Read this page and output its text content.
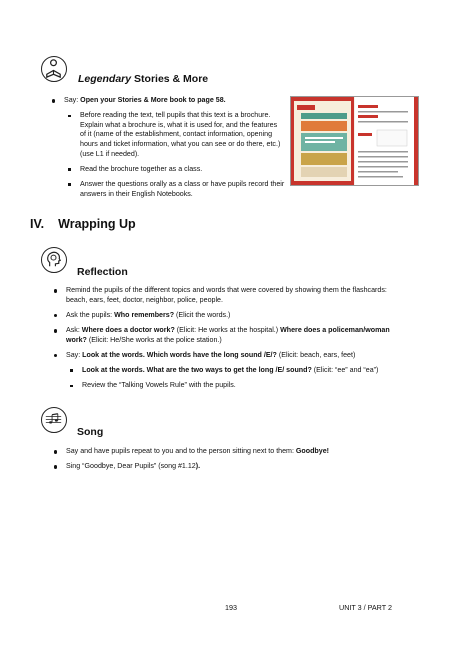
Legendary Stories & More
Say: Open your Stories & More book to page 58.
Before reading the text, tell pupils that this text is a brochure. Explain what a brochure is, what it is used for, and the features of it (name of the establishment, contact information, opening hours and ticket information, what you can see or do there, etc.) (use L1 if needed).
Read the brochure together as a class.
Answer the questions orally as a class or have pupils record their answers in their English Notebooks.
IV. Wrapping Up
Reflection
Remind the pupils of the different topics and words that were covered by showing them the flashcards: beach, ears, feet, doctor, neighbor, police, people.
Ask the pupils: Who remembers? (Elicit the words.)
Ask: Where does a doctor work? (Elicit: He works at the hospital.) Where does a policeman/woman work? (Elicit: He/She works at the police station.)
Say: Look at the words. Which words have the long sound /E/? (Elicit: beach, ears, feet)
Look at the words. What are the two ways to get the long /E/ sound? (Elicit: “ee” and “ea”)
Review the “Talking Vowels Rule” with the pupils.
Song
Say and have pupils repeat to you and to the person sitting next to them: Goodbye!
Sing “Goodbye, Dear Pupils” (song #1.12).
193	UNIT 3 / PART 2
